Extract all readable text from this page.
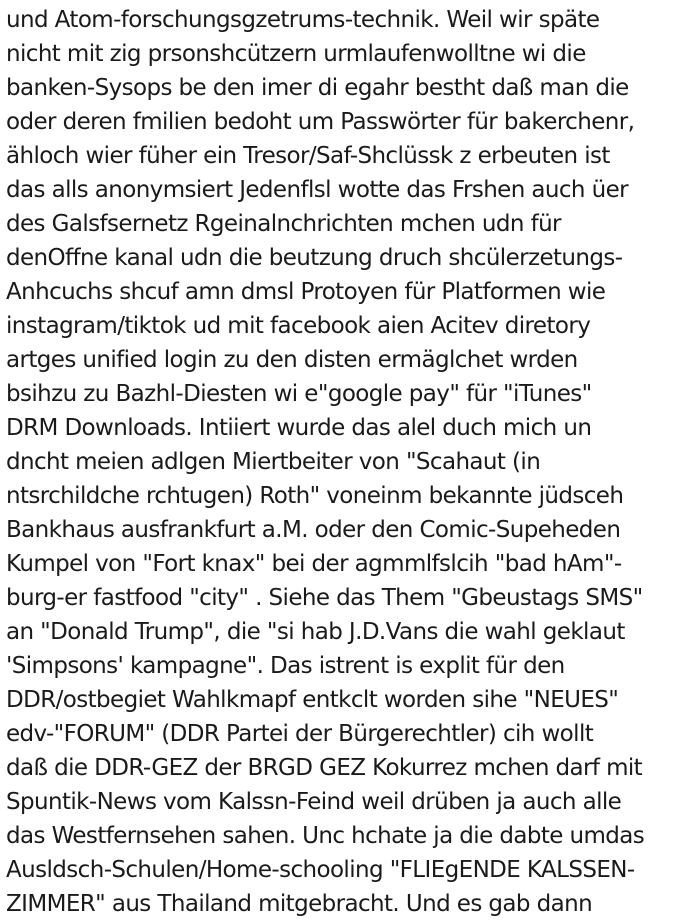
und Atom-forschungsgzetrums-technik. Weil wir späte
nicht mit zig prsonshcützern urmlaufenwolltne wi die
banken-Sysops be den imer di egahr bestht daß man die
oder deren fmilien bedoht um Passwörter für bakerchenr,
ähloch wier füher ein Tresor/Saf-Shclüssk z erbeuten ist
das alls anonymsiert Jedenflsl wotte das Frshen auch üer
des Galsfsernetz Rgeinalnchrichten mchen udn für
denOffne kanal udn die beutzung druch shcülerzetungs-
Anhcuchs shcuf amn dmsl Protoyen für Platformen wie
instagram/tiktok ud mit facebook aien Acitev diretory
artges unified login zu den disten ermäglchet wrden
bsihzu zu Bazhl-Diesten wi e"google pay" für "iTunes"
DRM Downloads. Intiiert wurde das alel duch mich un
dncht meien adlgen Miertbeiter von "Scahaut (in
ntsrchildche rchtugen) Roth" voneinm bekannte jüdsceh
Bankhaus ausfrankfurt a.M. oder den Comic-Supeheden
Kumpel von "Fort knax" bei der agmmlfslcih "bad hAm"-
burg-er fastfood "city" . Siehe das Them "Gbeustags SMS"
an "Donald Trump", die "si hab J.D.Vans die wahl geklaut
'Simpsons' kampagne". Das istrent is explit für den
DDR/ostbegiet Wahlkmapf entkclt worden sihe "NEUES"
edv-"FORUM" (DDR Partei der Bürgerechtler) cih wollt
daß die DDR-GEZ der BRGD GEZ Kokurrez mchen darf mit
Spuntik-News vom Kalssn-Feind weil drüben ja auch alle
das Westfernsehen sahen. Unc hchate ja die dabte umdas
Ausldsch-Schulen/Home-schooling "FLIEgENDE KALSSEN-
ZIMMER" aus Thailand mitgebracht. Und es gab dann
